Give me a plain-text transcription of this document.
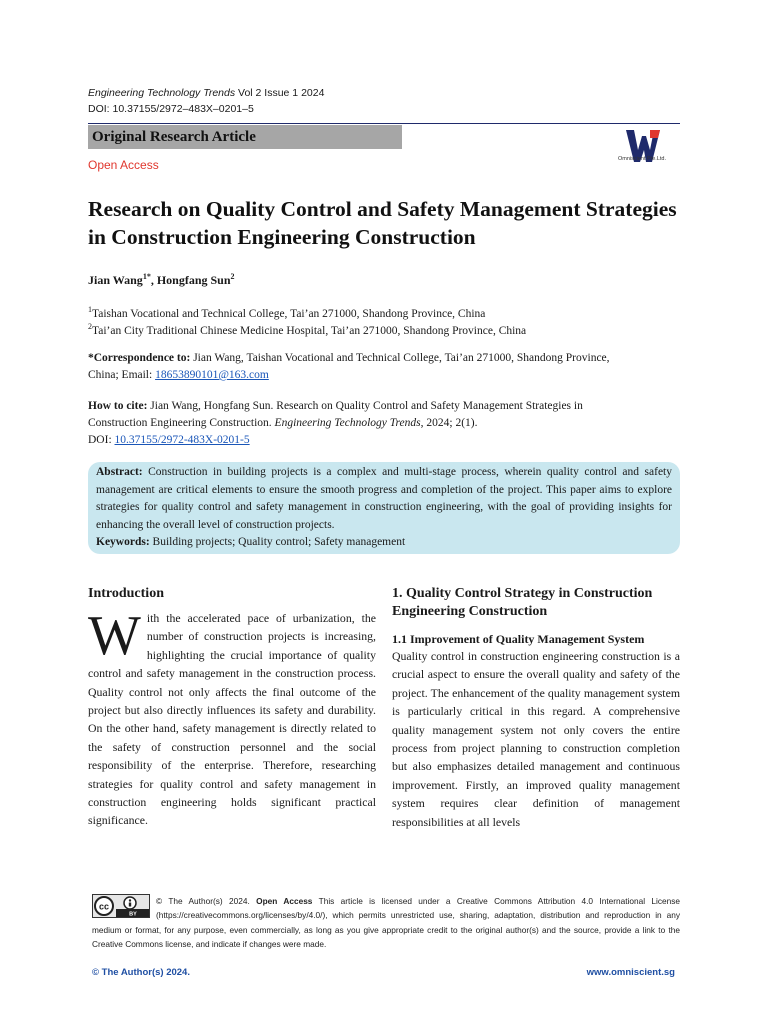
Engineering Technology Trends Vol 2 Issue 1 2024
DOI: 10.37155/2972–483X–0201–5
Original Research Article
Open Access	Omniscient Pte.Ltd.
Research on Quality Control and Safety Management Strategies in Construction Engineering Construction
Jian Wang$^{1*}$, Hongfang Sun$^2$
$^1$Taishan Vocational and Technical College, Tai’an 271000, Shandong Province, China
$^2$Tai’an City Traditional Chinese Medicine Hospital, Tai’an 271000, Shandong Province, China
*Correspondence to: Jian Wang, Taishan Vocational and Technical College, Tai’an 271000, Shandong Province,
China; Email: 18653890101@163.com
How to cite: Jian Wang, Hongfang Sun. Research on Quality Control and Safety Management Strategies in
Construction Engineering Construction. Engineering Technology Trends, 2024; 2(1).
DOI: 10.37155/2972-483X-0201-5
Abstract: Construction in building projects is a complex and multi-stage process, wherein quality control and safety management are critical elements to ensure the smooth progress and completion of the project. This paper aims to explore strategies for quality control and safety management in construction engineering, with the goal of providing insights for enhancing the overall level of construction projects.
Keywords: Building projects; Quality control; Safety management
Introduction
With the accelerated pace of urbanization, the number of construction projects is increasing, highlighting the crucial importance of quality control and safety management in the construction process. Quality control not only affects the final outcome of the project but also directly influences its safety and durability. On the other hand, safety management is directly related to the safety of construction personnel and the social responsibility of the enterprise. Therefore, researching strategies for quality control and safety management in construction engineering holds significant practical significance.
1. Quality Control Strategy in Construction Engineering Construction
1.1 Improvement of Quality Management System
Quality control in construction engineering construction is a crucial aspect to ensure the overall quality and safety of the project. The enhancement of the quality management system is particularly critical in this regard. A comprehensive quality management system not only covers the entire process from project planning to construction completion but also emphasizes detailed management and continuous improvement. Firstly, an improved quality management system requires clear definition of management responsibilities at all levels
cc
BY
© The Author(s) 2024. Open Access This article is licensed under a Creative Commons Attribution 4.0 International License (https://creativecommons.org/licenses/by/4.0/), which permits unrestricted use, sharing, adaptation, distribution and reproduction in any medium or format, for any purpose, even commercially, as long as you give appropriate credit to the original author(s) and the source, provide a link to the Creative Commons license, and indicate if changes were made.
© The Author(s) 2024.	www.omniscient.sg
